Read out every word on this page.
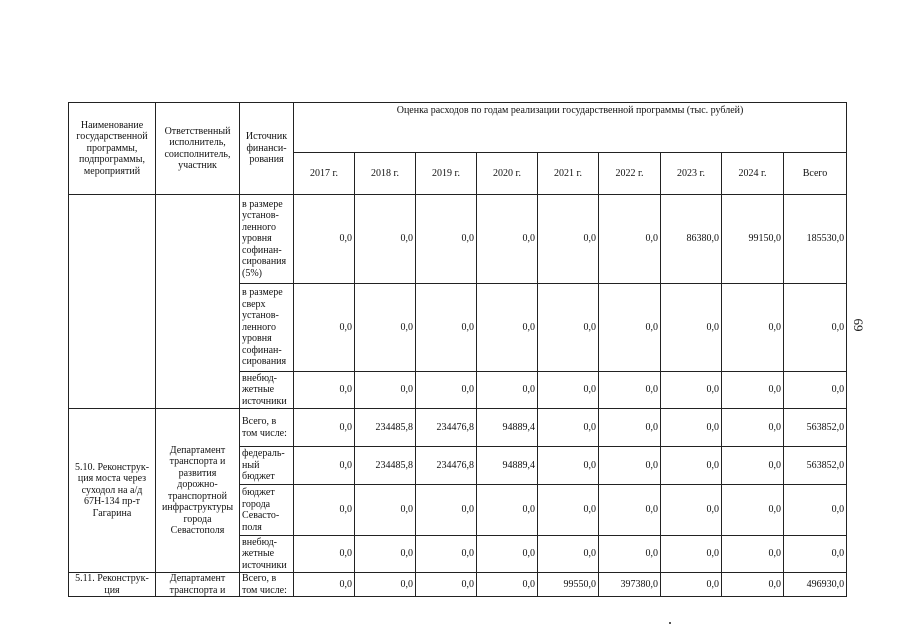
Наименование государственной программы, подпрограммы, мероприятий	Ответственный исполнитель, соисполнитель, участник	Источник финанси-рования	Оценка расходов по годам реализации государственной программы (тыс. рублей)								
			2017 г.	2018 г.	2019 г.	2020 г.	2021 г.	2022 г.	2023 г.	2024 г.	Всего
		в размере установ-ленного уровня софинан-сирования (5%)	0,0	0,0	0,0	0,0	0,0	0,0	86380,0	99150,0	185530,0
		в размере сверх установ-ленного уровня софинан-сирования	0,0	0,0	0,0	0,0	0,0	0,0	0,0	0,0	0,0
		внебюд-жетные источники	0,0	0,0	0,0	0,0	0,0	0,0	0,0	0,0	0,0
5.10. Реконструк-ция моста через суходол на а/д 67Н-134 пр-т Гагарина	Департамент транспорта и развития дорожно-транспортной инфраструктуры города Севастополя	Всего, в том числе:	0,0	234485,8	234476,8	94889,4	0,0	0,0	0,0	0,0	563852,0
		федераль-ный бюджет	0,0	234485,8	234476,8	94889,4	0,0	0,0	0,0	0,0	563852,0
		бюджет города Севасто-поля	0,0	0,0	0,0	0,0	0,0	0,0	0,0	0,0	0,0
		внебюд-жетные источники	0,0	0,0	0,0	0,0	0,0	0,0	0,0	0,0	0,0
5.11. Реконструк-ция	Департамент транспорта и	Всего, в том числе:	0,0	0,0	0,0	0,0	99550,0	397380,0	0,0	0,0	496930,0
69
